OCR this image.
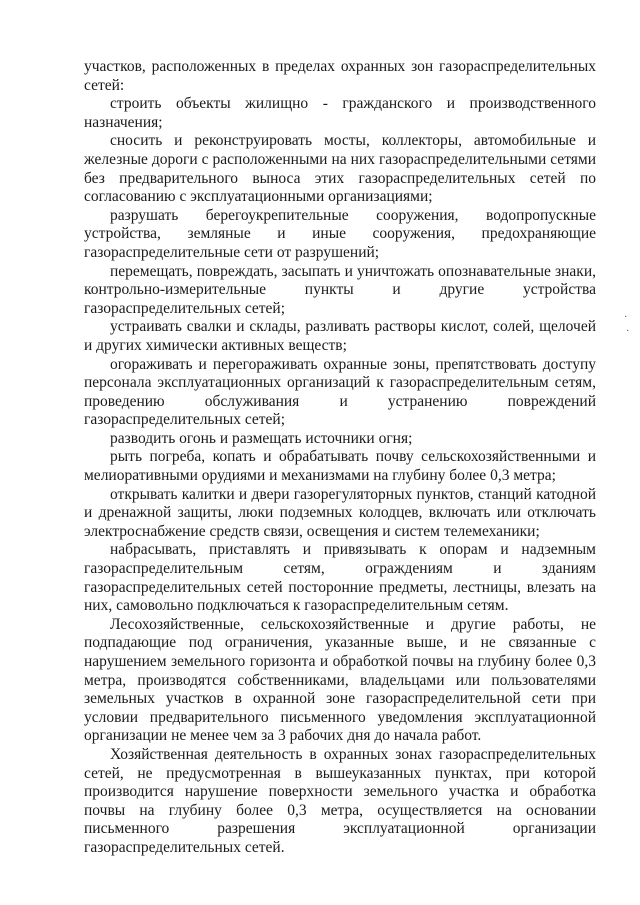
участков, расположенных в пределах охранных зон газораспределительных сетей:

строить объекты жилищно - гражданского и производственного назначения;

сносить и реконструировать мосты, коллекторы, автомобильные и железные дороги с расположенными на них газораспределительными сетями без предварительного выноса этих газораспределительных сетей по согласованию с эксплуатационными организациями;

разрушать берегоукрепительные сооружения, водопропускные устройства, земляные и иные сооружения, предохраняющие газораспределительные сети от разрушений;

перемещать, повреждать, засыпать и уничтожать опознавательные знаки, контрольно-измерительные пункты и другие устройства газораспределительных сетей;

устраивать свалки и склады, разливать растворы кислот, солей, щелочей и других химически активных веществ;

огораживать и перегораживать охранные зоны, препятствовать доступу персонала эксплуатационных организаций к газораспределительным сетям, проведению обслуживания и устранению повреждений газораспределительных сетей;

разводить огонь и размещать источники огня;

рыть погреба, копать и обрабатывать почву сельскохозяйственными и мелиоративными орудиями и механизмами на глубину более 0,3 метра;

открывать калитки и двери газорегуляторных пунктов, станций катодной и дренажной защиты, люки подземных колодцев, включать или отключать электроснабжение средств связи, освещения и систем телемеханики;

набрасывать, приставлять и привязывать к опорам и надземным газораспределительным сетям, ограждениям и зданиям газораспределительных сетей посторонние предметы, лестницы, влезать на них, самовольно подключаться к газораспределительным сетям.

Лесохозяйственные, сельскохозяйственные и другие работы, не подпадающие под ограничения, указанные выше, и не связанные с нарушением земельного горизонта и обработкой почвы на глубину более 0,3 метра, производятся собственниками, владельцами или пользователями земельных участков в охранной зоне газораспределительной сети при условии предварительного письменного уведомления эксплуатационной организации не менее чем за 3 рабочих дня до начала работ.

Хозяйственная деятельность в охранных зонах газораспределительных сетей, не предусмотренная в вышеуказанных пунктах, при которой производится нарушение поверхности земельного участка и обработка почвы на глубину более 0,3 метра, осуществляется на основании письменного разрешения эксплуатационной организации газораспределительных сетей.

·
·
